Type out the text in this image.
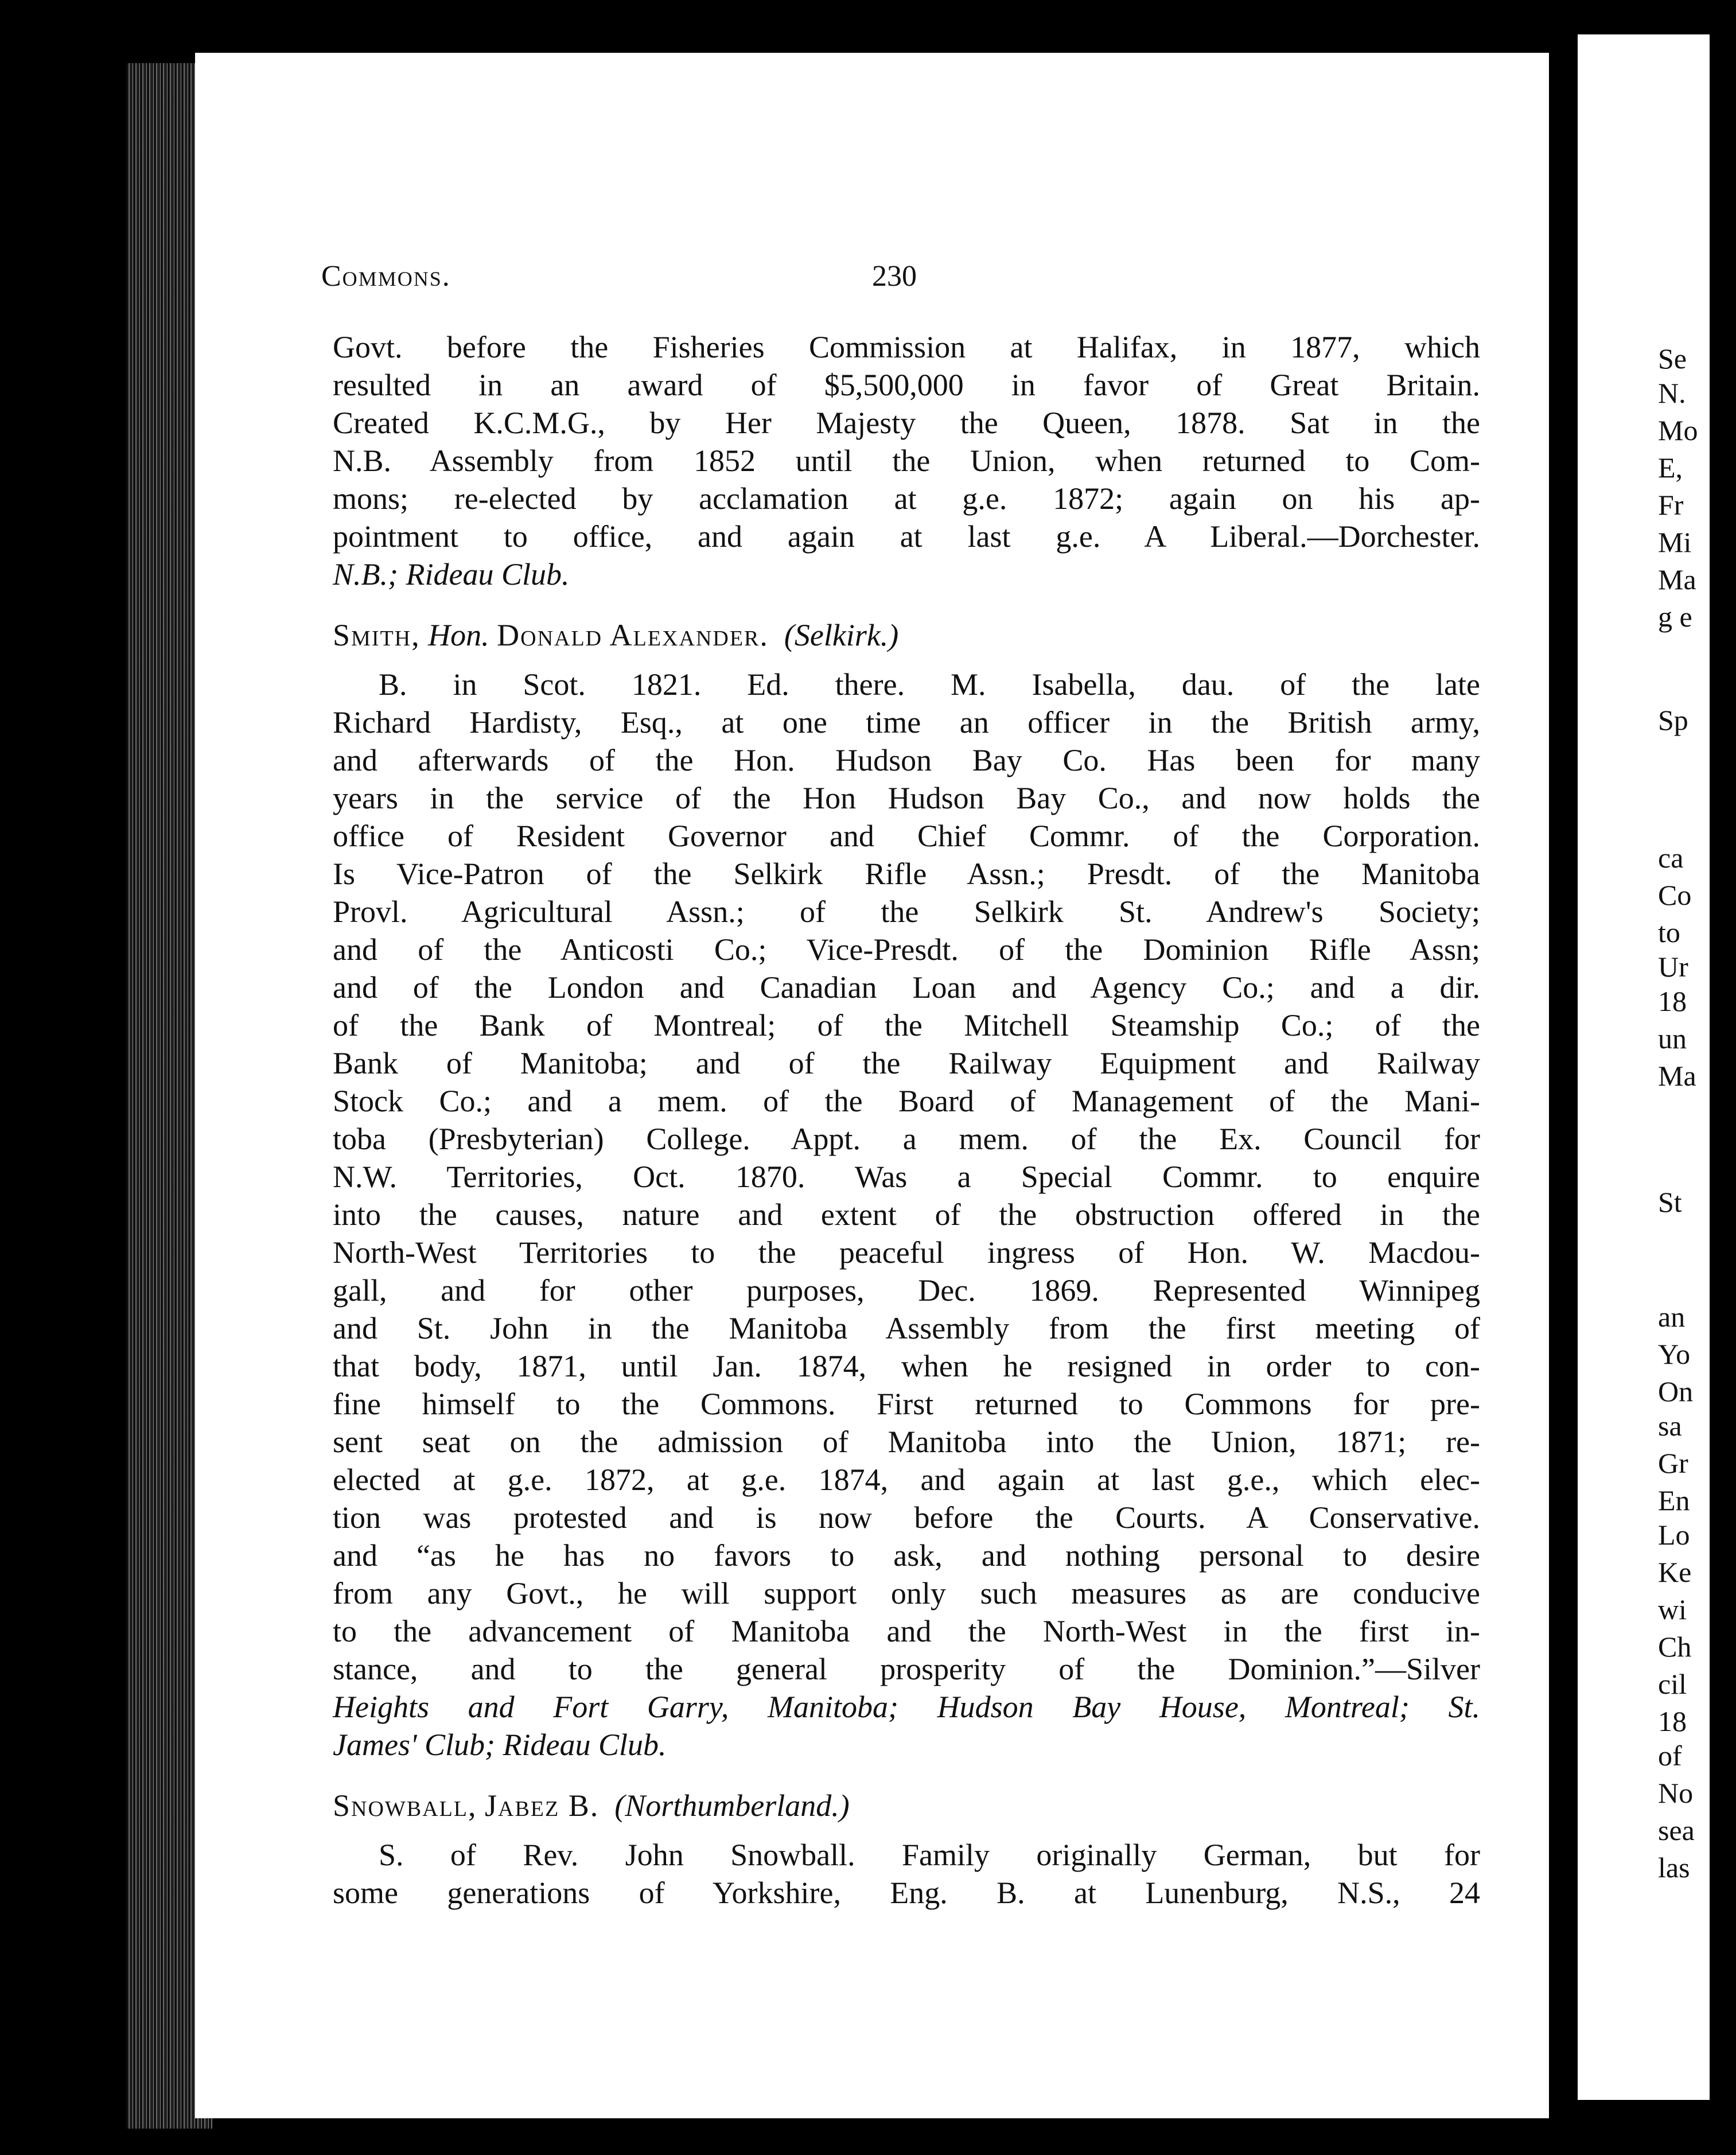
Commons.	230
Govt. before the Fisheries Commission at Halifax, in 1877, which
resulted in an award of $5,500,000 in favor of Great Britain.
Created K.C.M.G., by Her Majesty the Queen, 1878. Sat in the
N.B. Assembly from 1852 until the Union, when returned to Com-
mons; re-elected by acclamation at g.e. 1872; again on his ap-
pointment to office, and again at last g.e. A Liberal.—Dorchester.
N.B.; Rideau Club.
Smith, Hon. Donald Alexander. (Selkirk.)
B. in Scot. 1821. Ed. there. M. Isabella, dau. of the late
Richard Hardisty, Esq., at one time an officer in the British army,
and afterwards of the Hon. Hudson Bay Co. Has been for many
years in the service of the Hon Hudson Bay Co., and now holds the
office of Resident Governor and Chief Commr. of the Corporation.
Is Vice-Patron of the Selkirk Rifle Assn.; Presdt. of the Manitoba
Provl. Agricultural Assn.; of the Selkirk St. Andrew's Society;
and of the Anticosti Co.; Vice-Presdt. of the Dominion Rifle Assn;
and of the London and Canadian Loan and Agency Co.; and a dir.
of the Bank of Montreal; of the Mitchell Steamship Co.; of the
Bank of Manitoba; and of the Railway Equipment and Railway
Stock Co.; and a mem. of the Board of Management of the Mani-
toba (Presbyterian) College. Appt. a mem. of the Ex. Council for
N.W. Territories, Oct. 1870. Was a Special Commr. to enquire
into the causes, nature and extent of the obstruction offered in the
North-West Territories to the peaceful ingress of Hon. W. Macdou-
gall, and for other purposes, Dec. 1869. Represented Winnipeg
and St. John in the Manitoba Assembly from the first meeting of
that body, 1871, until Jan. 1874, when he resigned in order to con-
fine himself to the Commons. First returned to Commons for pre-
sent seat on the admission of Manitoba into the Union, 1871; re-
elected at g.e. 1872, at g.e. 1874, and again at last g.e., which elec-
tion was protested and is now before the Courts. A Conservative.
and “as he has no favors to ask, and nothing personal to desire
from any Govt., he will support only such measures as are conducive
to the advancement of Manitoba and the North-West in the first in-
stance, and to the general prosperity of the Dominion.”—Silver
Heights and Fort Garry, Manitoba; Hudson Bay House, Montreal; St.
James' Club; Rideau Club.
Snowball, Jabez B. (Northumberland.)
S. of Rev. John Snowball. Family originally German, but for
some generations of Yorkshire, Eng. B. at Lunenburg, N.S., 24
Se
N.
Mo
E,
Fr
Mi
Ma
g e
Sp
ca
Co
to
Ur
18
un
Ma
St
an
Yo
On
sa
Gr
En
Lo
Ke
wi
Ch
cil
18
of
No
sea
las
